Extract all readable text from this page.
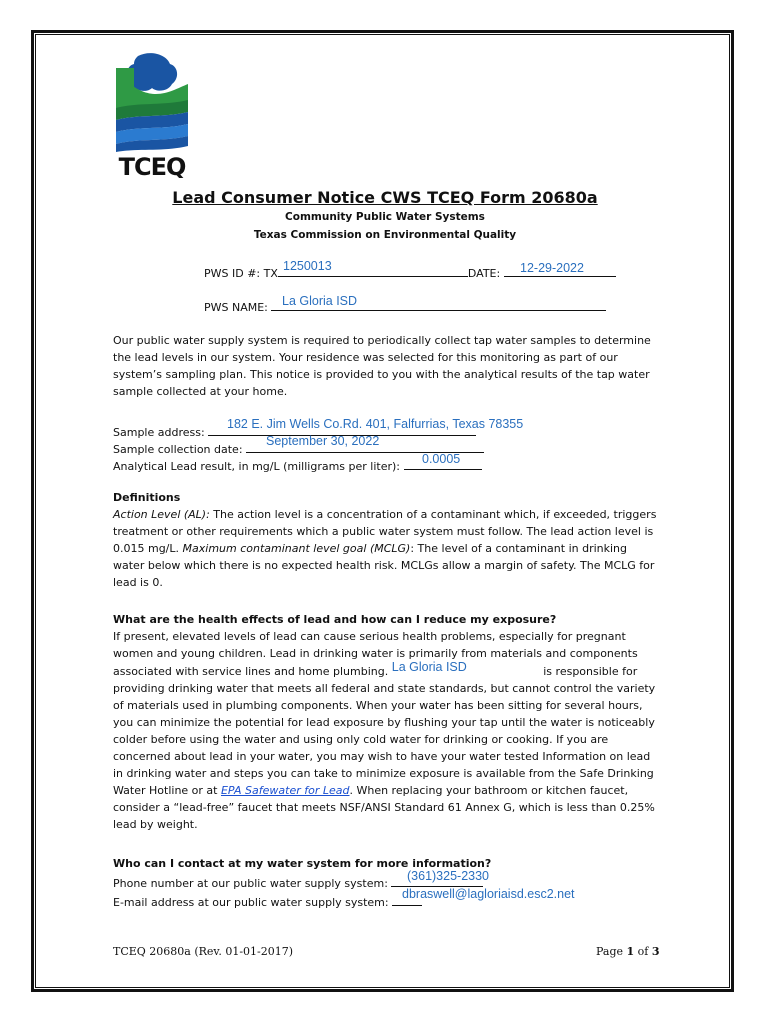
TCEQ
Lead Consumer Notice CWS TCEQ Form 20680a
Community Public Water Systems
Texas Commission on Environmental Quality
PWS ID #: TX	DATE:
1250013	12-29-2022
PWS NAME:	La Gloria ISD

Our public water supply system is required to periodically collect tap water samples to determine the lead levels in our system. Your residence was selected for this monitoring as part of our system’s sampling plan. This notice is provided to you with the analytical results of the tap water sample collected at your home.

Sample address:
182 E. Jim Wells Co.Rd. 401, Falfurrias, Texas 78355
Sample collection date:
September 30, 2022
Analytical Lead result, in mg/L (milligrams per liter):
0.0005

Definitions

Action Level (AL): The action level is a concentration of a contaminant which, if exceeded, triggers treatment or other requirements which a public water system must follow. The lead action level is 0.015 mg/L. Maximum contaminant level goal (MCLG): The level of a contaminant in drinking water below which there is no expected health risk. MCLGs allow a margin of safety. The MCLG for lead is 0.

What are the health effects of lead and how can I reduce my exposure?

If present, elevated levels of lead can cause serious health problems, especially for pregnant women and young children. Lead in drinking water is primarily from materials and components associated with service lines and home plumbing. La Gloria ISD	is responsible for providing drinking water that meets all federal and state standards, but cannot control the variety of materials used in plumbing components. When your water has been sitting for several hours, you can minimize the potential for lead exposure by flushing your tap until the water is noticeably colder before using the water and using only cold water for drinking or cooking. If you are concerned about lead in your water, you may wish to have your water tested Information on lead in drinking water and steps you can take to minimize exposure is available from the Safe Drinking Water Hotline or at EPA Safewater for Lead. When replacing your bathroom or kitchen faucet, consider a “lead-free” faucet that meets NSF/ANSI Standard 61 Annex G, which is less than 0.25% lead by weight.

Who can I contact at my water system for more information?

Phone number at our public water supply system:
(361)325-2330
E-mail address at our public water supply system:
dbraswell@lagloriaisd.esc2.net
TCEQ 20680a (Rev. 01-01-2017)	Page 1 of 3
